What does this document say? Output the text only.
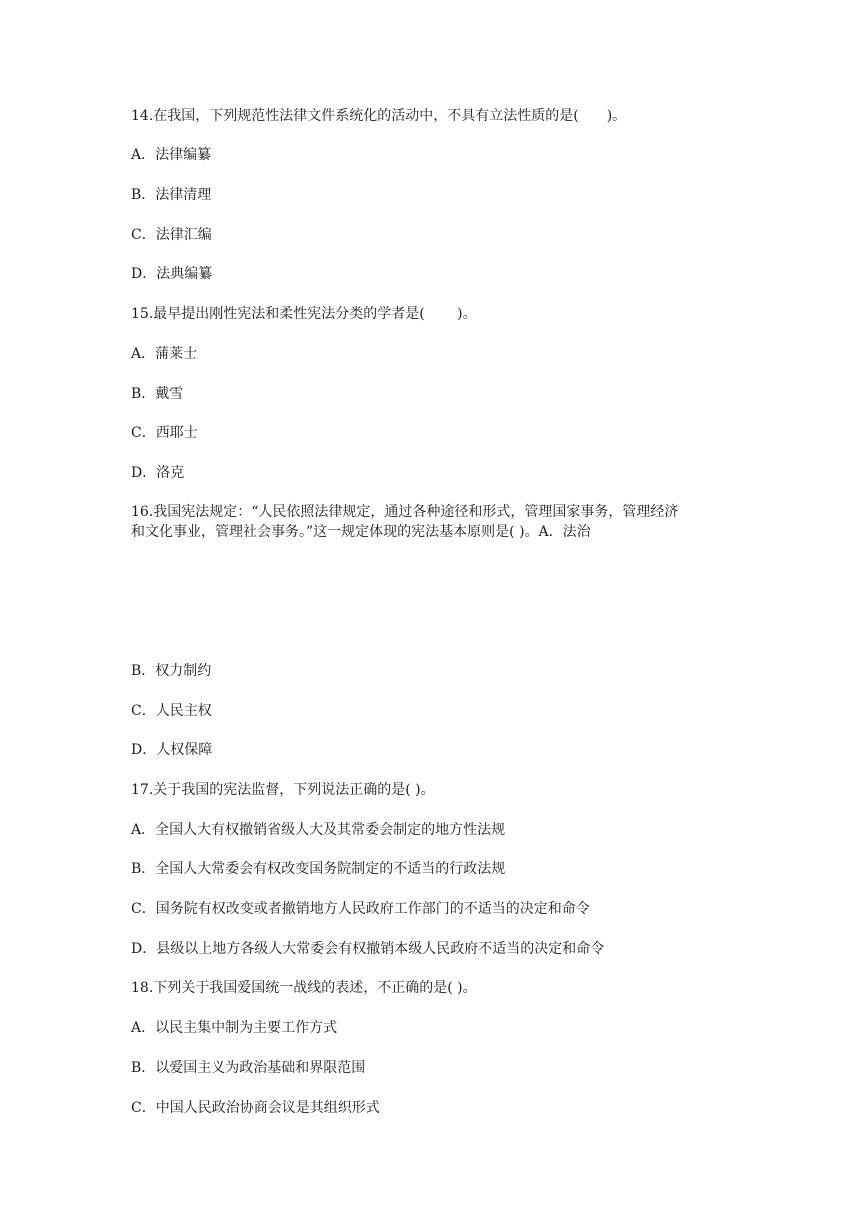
14.在我国，下列规范性法律文件系统化的活动中，不具有立法性质的是(　　)。
A．法律编纂
B．法律清理
C．法律汇编
D．法典编纂
15.最早提出刚性宪法和柔性宪法分类的学者是(　　 )。
A．蒲莱士
B．戴雪
C．西耶士
D．洛克
16.我国宪法规定：“人民依照法律规定，通过各种途径和形式，管理国家事务，管理经济
和文化事业，管理社会事务。”这一规定体现的宪法基本原则是( )。A．法治
B．权力制约
C．人民主权
D．人权保障
17.关于我国的宪法监督，下列说法正确的是( )。
A．全国人大有权撤销省级人大及其常委会制定的地方性法规
B．全国人大常委会有权改变国务院制定的不适当的行政法规
C．国务院有权改变或者撤销地方人民政府工作部门的不适当的决定和命令
D．县级以上地方各级人大常委会有权撤销本级人民政府不适当的决定和命令
18.下列关于我国爱国统一战线的表述，不正确的是( )。
A．以民主集中制为主要工作方式
B．以爱国主义为政治基础和界限范围
C．中国人民政治协商会议是其组织形式
